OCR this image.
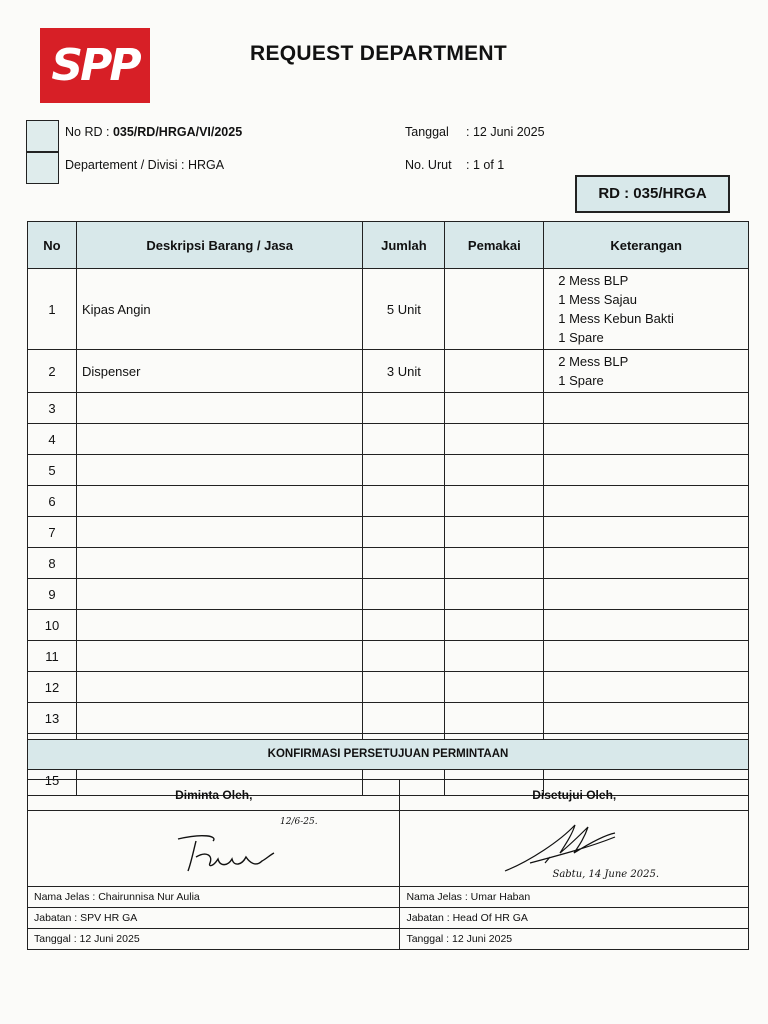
SPP	REQUEST DEPARTMENT
No RD : 035/RD/HRGA/VI/2025
Departement / Divisi : HRGA
Tanggal : 12 Juni 2025
No. Urut : 1 of 1
RD : 035/HRGA
No	Deskripsi Barang / Jasa	Jumlah	Pemakai	Keterangan
1	Kipas Angin	5 Unit		2 Mess BLP
1 Mess Sajau
1 Mess Kebun Bakti
1 Spare

2	Dispenser	3 Unit		2 Mess BLP
1 Spare

3				
4				
5				
6				
7				
8				
9				
10				
11				
12				
13				

15				
KONFIRMASI PERSETUJUAN PERMINTAAN
Diminta Oleh,	Disetujui Oleh,

12/6-25.	Sabtu, 14 June 2025.

Nama Jelas : Chairunnisa Nur Aulia	Nama Jelas : Umar Haban
Jabatan : SPV HR GA	Jabatan : Head Of HR GA
Tanggal : 12 Juni 2025	Tanggal : 12 Juni 2025
